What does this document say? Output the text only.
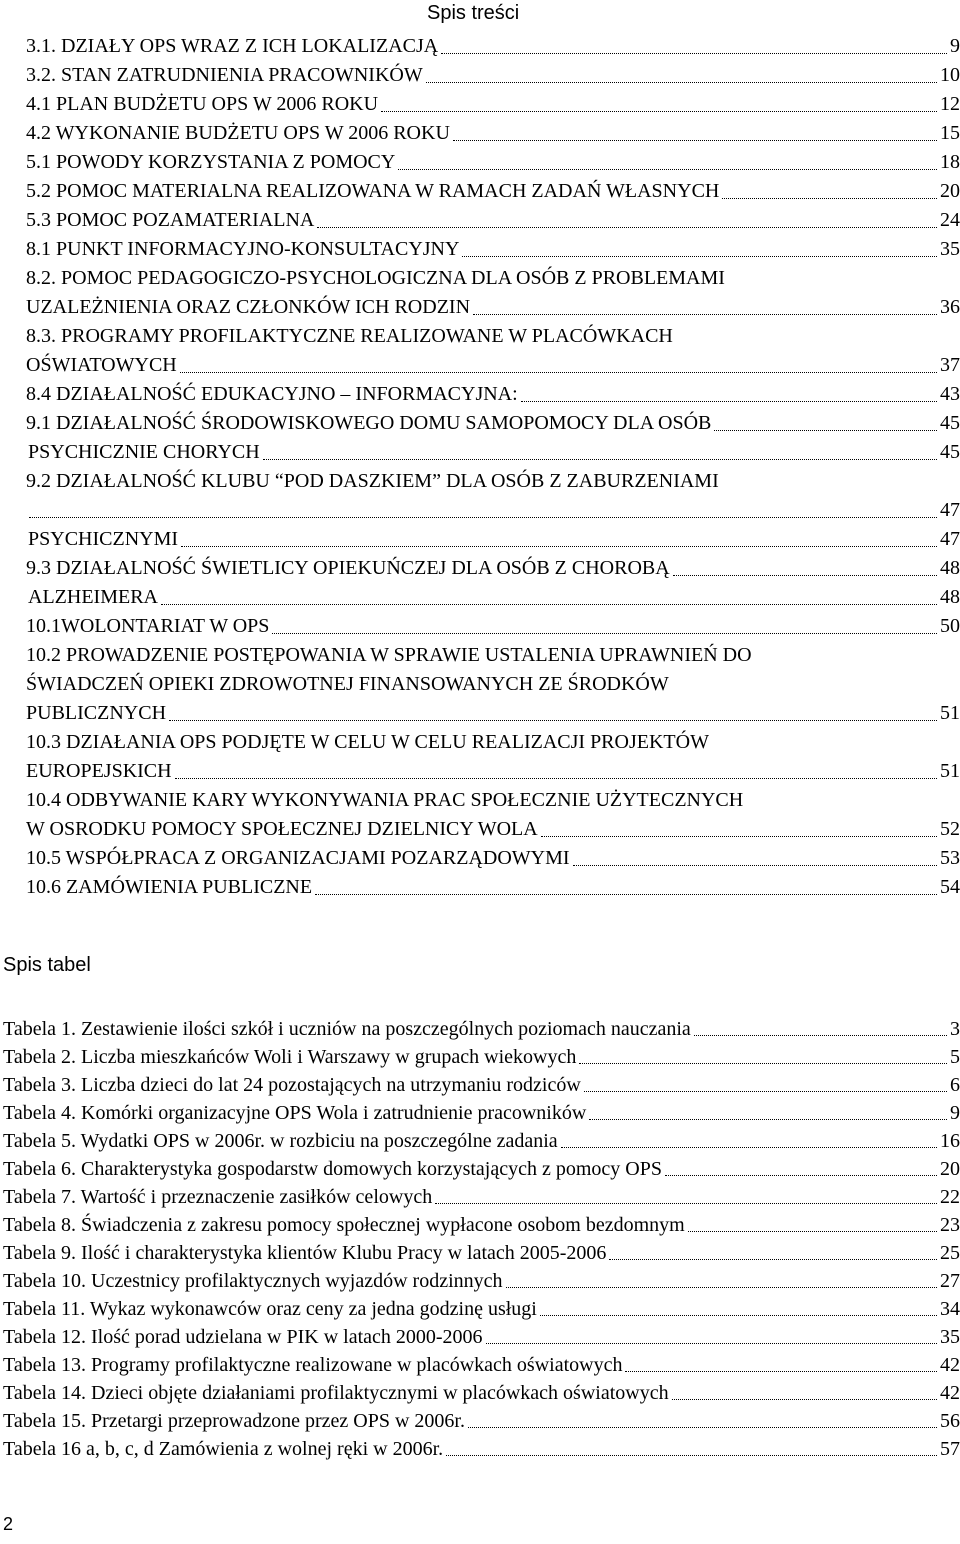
Spis treści
3.1. DZIAŁY OPS WRAZ Z ICH LOKALIZACJĄ	9
3.2. STAN ZATRUDNIENIA PRACOWNIKÓW	10
4.1 PLAN BUDŻETU OPS W 2006 ROKU	12
4.2 WYKONANIE BUDŻETU OPS W 2006 ROKU	15
5.1 POWODY KORZYSTANIA Z POMOCY	18
5.2 POMOC MATERIALNA REALIZOWANA W RAMACH ZADAŃ WŁASNYCH	20
5.3 POMOC POZAMATERIALNA	24
8.1 PUNKT INFORMACYJNO-KONSULTACYJNY	35
8.2. POMOC PEDAGOGICZO-PSYCHOLOGICZNA DLA OSÓB Z PROBLEMAMI
UZALEŻNIENIA ORAZ CZŁONKÓW ICH RODZIN	36
8.3. PROGRAMY PROFILAKTYCZNE REALIZOWANE W PLACÓWKACH
OŚWIATOWYCH	37
8.4 DZIAŁALNOŚĆ EDUKACYJNO – INFORMACYJNA:	43
9.1 DZIAŁALNOŚĆ ŚRODOWISKOWEGO DOMU SAMOPOMOCY DLA OSÓB	45
PSYCHICZNIE CHORYCH	45
9.2 DZIAŁALNOŚĆ KLUBU “POD DASZKIEM” DLA OSÓB Z ZABURZENIAMI
47
PSYCHICZNYMI	47
9.3 DZIAŁALNOŚĆ ŚWIETLICY OPIEKUŃCZEJ DLA OSÓB Z CHOROBĄ	48
ALZHEIMERA	48
10.1WOLONTARIAT W OPS	50
10.2 PROWADZENIE POSTĘPOWANIA W SPRAWIE USTALENIA UPRAWNIEŃ DO
ŚWIADCZEŃ OPIEKI ZDROWOTNEJ FINANSOWANYCH ZE ŚRODKÓW
PUBLICZNYCH	51
10.3 DZIAŁANIA OPS PODJĘTE W CELU W CELU REALIZACJI PROJEKTÓW
EUROPEJSKICH	51
10.4 ODBYWANIE KARY WYKONYWANIA PRAC SPOŁECZNIE UŻYTECZNYCH
W OSRODKU POMOCY SPOŁECZNEJ DZIELNICY WOLA	52
10.5 WSPÓŁPRACA Z ORGANIZACJAMI POZARZĄDOWYMI	53
10.6 ZAMÓWIENIA PUBLICZNE	54
Spis tabel
Tabela 1. Zestawienie ilości szkół i uczniów na poszczególnych poziomach nauczania	3
Tabela 2. Liczba mieszkańców Woli i Warszawy w grupach wiekowych	5
Tabela 3. Liczba dzieci do lat 24 pozostających na utrzymaniu rodziców	6
Tabela 4. Komórki organizacyjne OPS Wola i zatrudnienie pracowników	9
Tabela 5. Wydatki OPS w 2006r. w rozbiciu na poszczególne zadania	16
Tabela 6. Charakterystyka gospodarstw domowych korzystających z pomocy OPS	20
Tabela 7. Wartość i przeznaczenie zasiłków celowych	22
Tabela 8. Świadczenia z zakresu pomocy społecznej wypłacone osobom bezdomnym	23
Tabela 9. Ilość i charakterystyka klientów Klubu Pracy w latach 2005-2006	25
Tabela 10. Uczestnicy profilaktycznych wyjazdów rodzinnych	27
Tabela 11. Wykaz wykonawców oraz ceny za jedna godzinę usługi	34
Tabela 12. Ilość porad udzielana w PIK w latach 2000-2006	35
Tabela 13. Programy profilaktyczne realizowane w placówkach oświatowych	42
Tabela 14. Dzieci objęte działaniami profilaktycznymi w placówkach oświatowych	42
Tabela 15. Przetargi przeprowadzone przez OPS w 2006r.	56
Tabela 16 a, b, c, d Zamówienia z wolnej ręki w 2006r.	57
2
